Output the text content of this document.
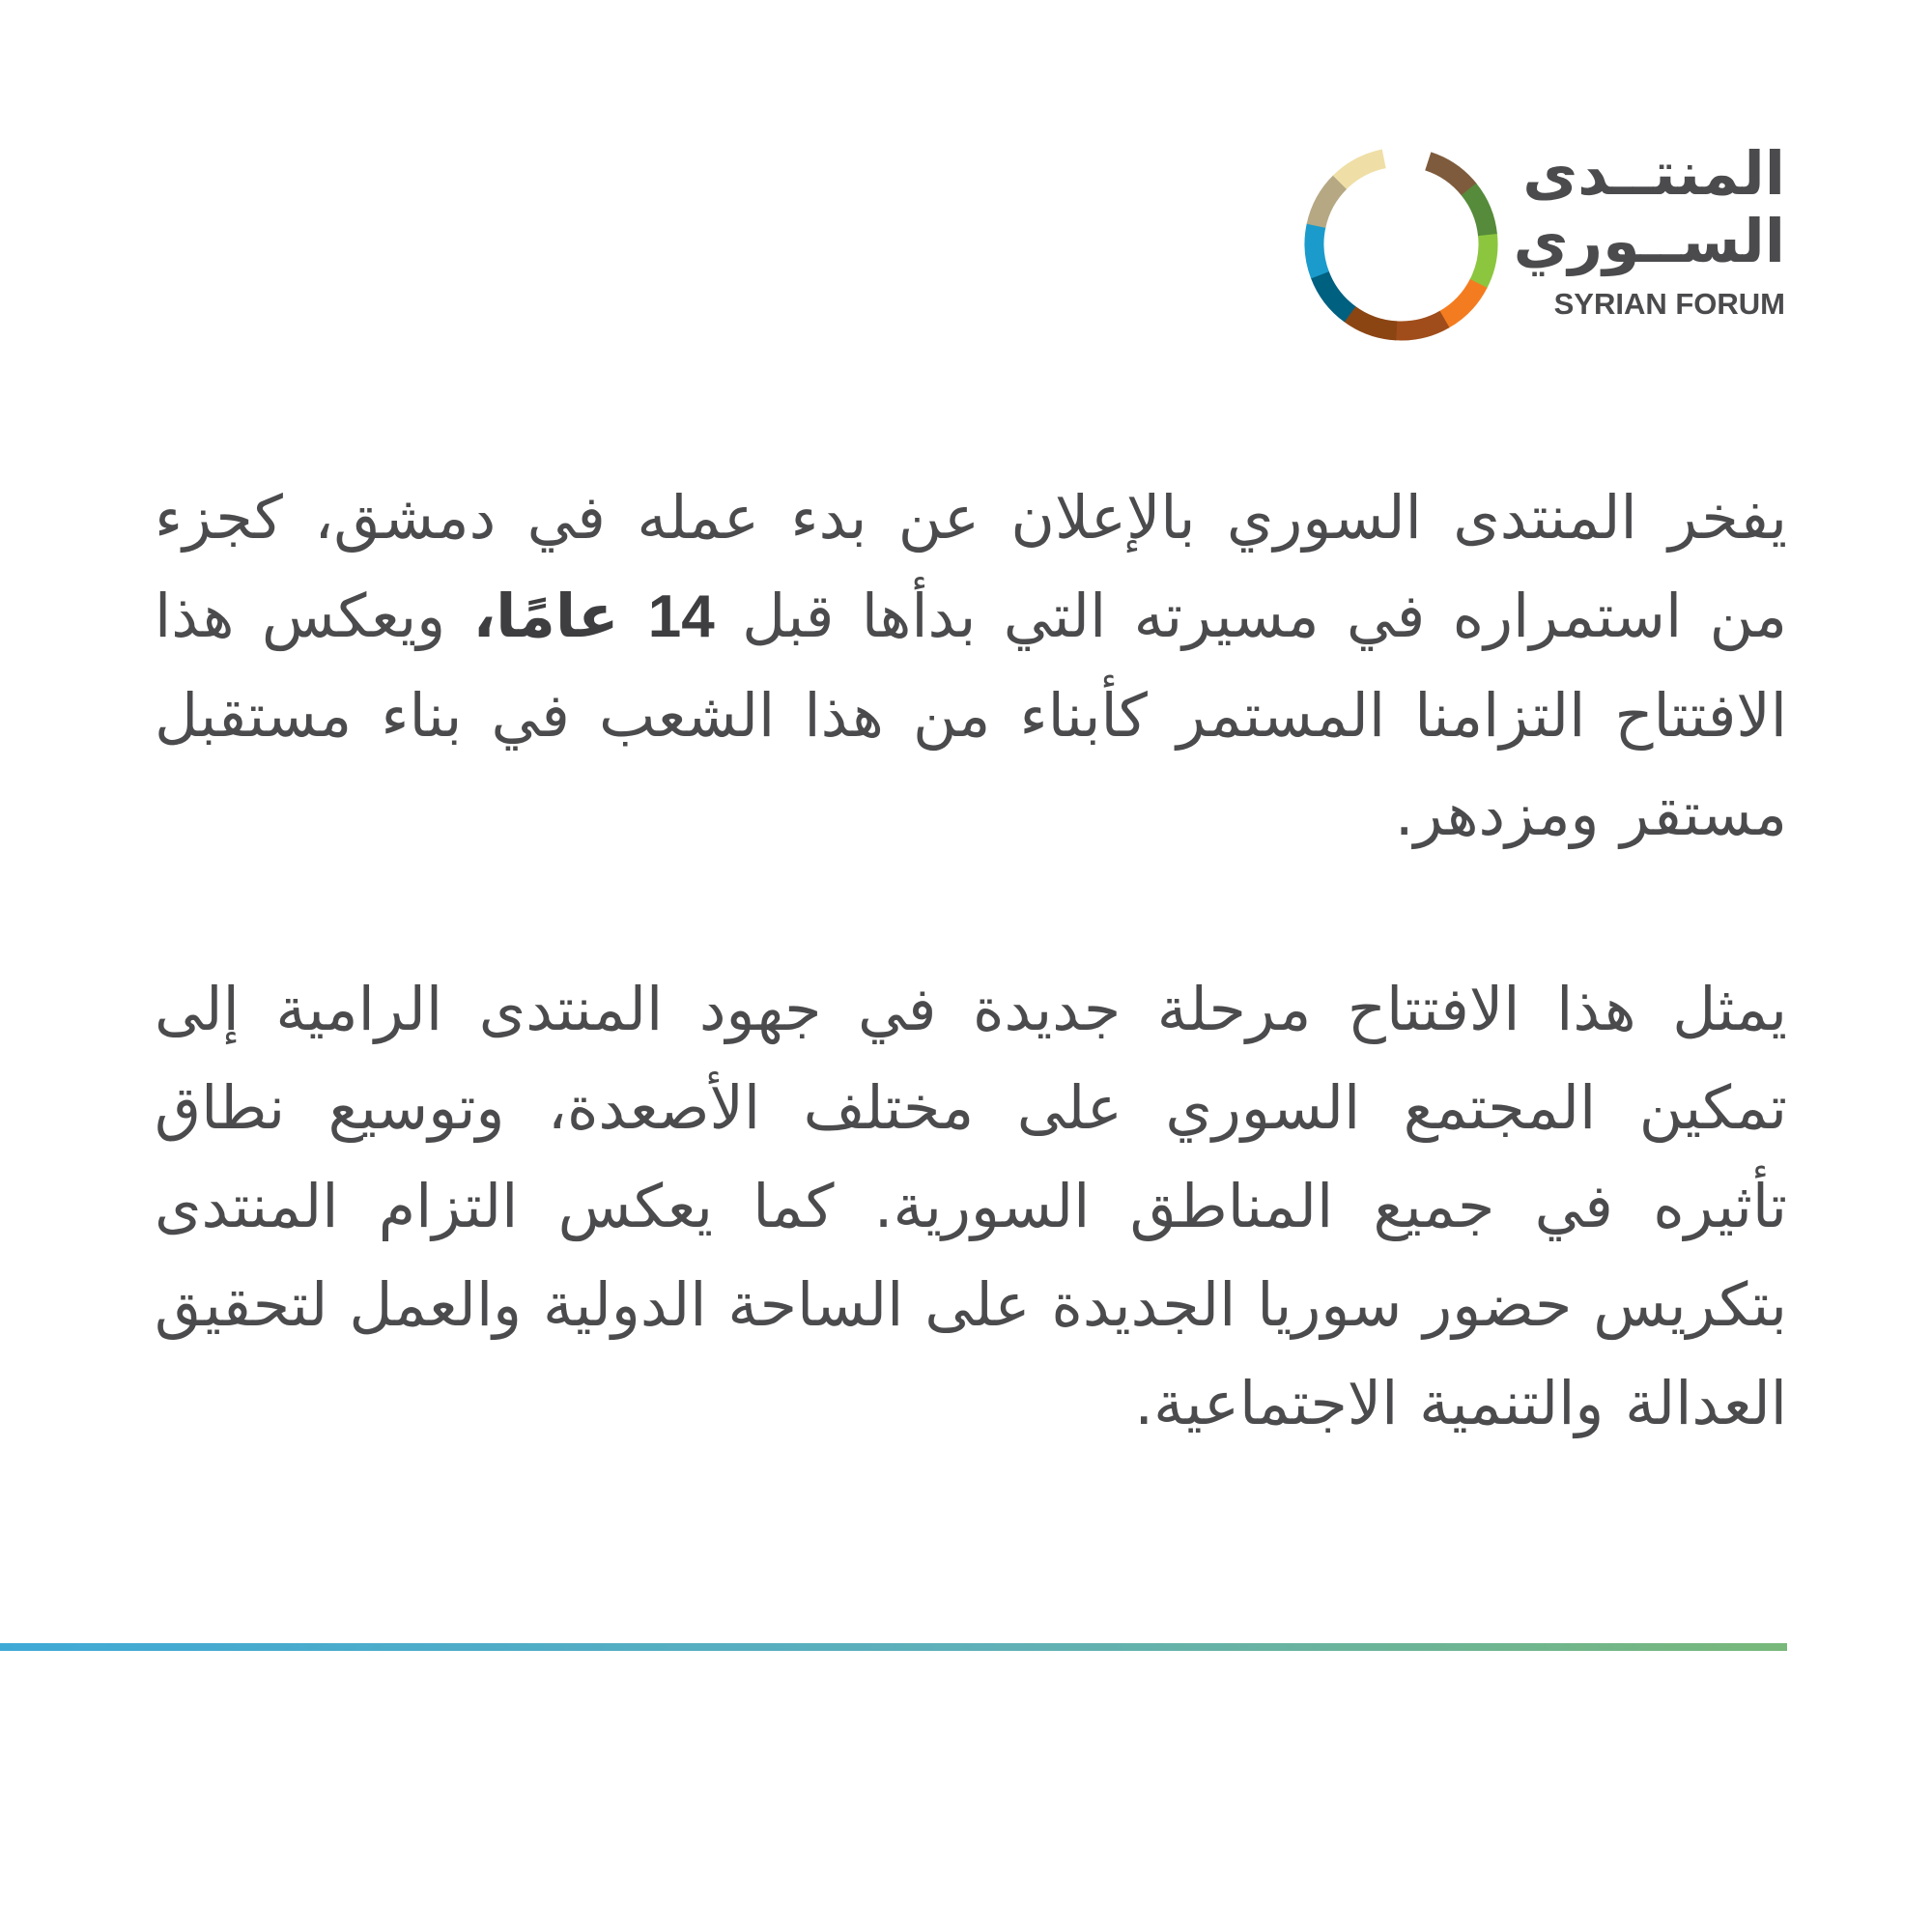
المنتــدى
الســوري
SYRIAN FORUM

يفخر المنتدى السوري بالإعلان عن بدء عمله في دمشق، كجزء من استمراره في مسيرته التي بدأها قبل 14 عامًا، ويعكس هذا الافتتاح التزامنا المستمر كأبناء من هذا الشعب في بناء مستقبل مستقر ومزدهر.

يمثل هذا الافتتاح مرحلة جديدة في جهود المنتدى الرامية إلى تمكين المجتمع السوري على مختلف الأصعدة، وتوسيع نطاق تأثيره في جميع المناطق السورية. كما يعكس التزام المنتدى بتكريس حضور سوريا الجديدة على الساحة الدولية والعمل لتحقيق العدالة والتنمية الاجتماعية.
